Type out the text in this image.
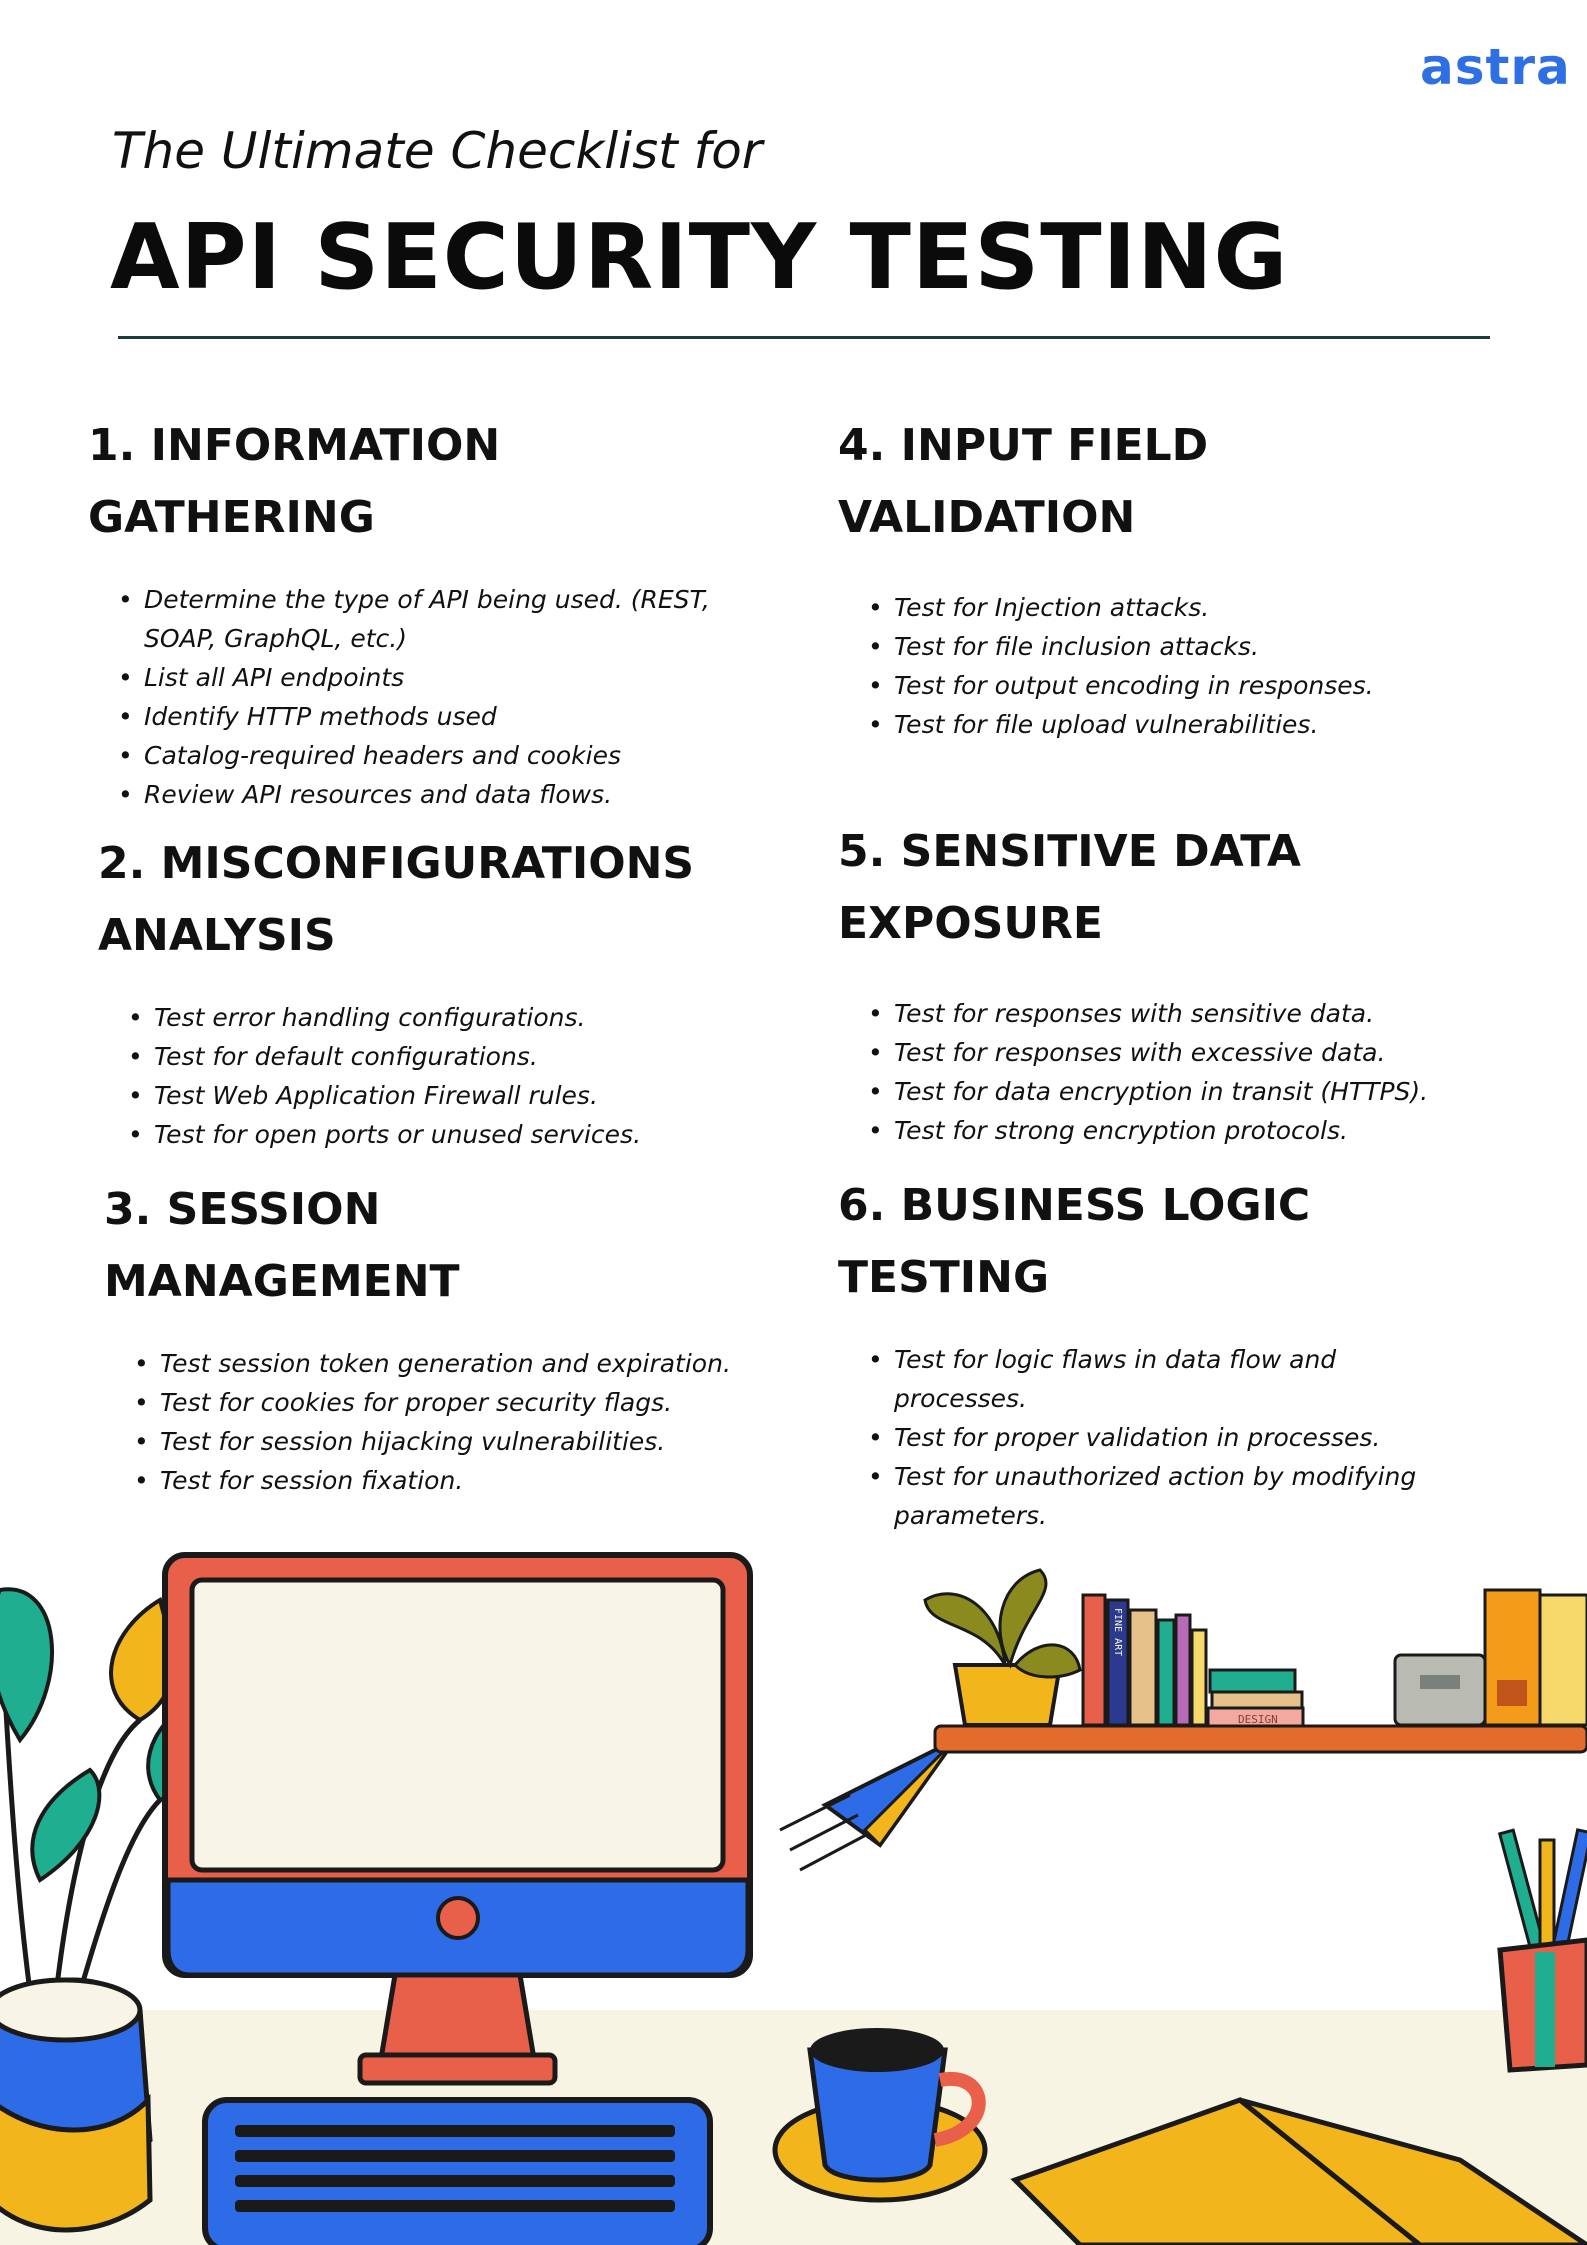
astra
The Ultimate Checklist for
API SECURITY TESTING
1. INFORMATION
GATHERING
• Determine the type of API being used. (REST,
SOAP, GraphQL, etc.)
• List all API endpoints
• Identify HTTP methods used
• Catalog-required headers and cookies
• Review API resources and data flows.
2. MISCONFIGURATIONS
ANALYSIS
• Test error handling configurations.
• Test for default configurations.
• Test Web Application Firewall rules.
• Test for open ports or unused services.
3. SESSION
MANAGEMENT
• Test session token generation and expiration.
• Test for cookies for proper security flags.
• Test for session hijacking vulnerabilities.
• Test for session fixation.
4. INPUT FIELD
VALIDATION
• Test for Injection attacks.
• Test for file inclusion attacks.
• Test for output encoding in responses.
• Test for file upload vulnerabilities.
5. SENSITIVE DATA
EXPOSURE
• Test for responses with sensitive data.
• Test for responses with excessive data.
• Test for data encryption in transit (HTTPS).
• Test for strong encryption protocols.
6. BUSINESS LOGIC
TESTING
• Test for logic flaws in data flow and
processes.
• Test for proper validation in processes.
• Test for unauthorized action by modifying
parameters.
FINE ART
DESIGN
